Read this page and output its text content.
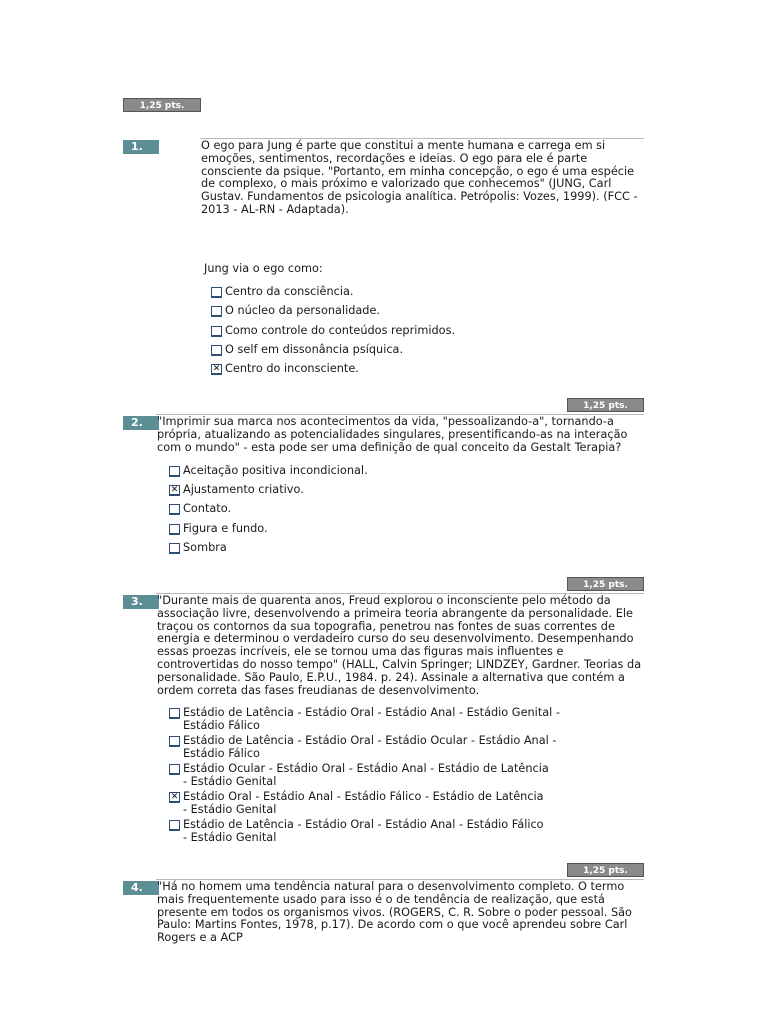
1,25 pts.
1,25 pts.
1,25 pts.
1,25 pts.
1.	O ego para Jung é parte que constitui a mente humana e carrega em si emoções, sentimentos, recordações e ideias. O ego para ele é parte consciente da psique. "Portanto, em minha concepção, o ego é uma espécie de complexo, o mais próximo e valorizado que conhecemos" (JUNG, Carl Gustav. Fundamentos de psicologia analítica. Petrópolis: Vozes, 1999). (FCC - 2013 - AL-RN - Adaptada).

Jung via o ego como:
Centro da consciência.
O núcleo da personalidade.
Como controle do conteúdos reprimidos.
O self em dissonância psíquica.
✕
Centro do inconsciente.
2.	"Imprimir sua marca nos acontecimentos da vida, "pessoalizando-a", tornando-a própria, atualizando as potencialidades singulares, presentificando-as na interação com o mundo" - esta pode ser uma definição de qual conceito da Gestalt Terapia?

Aceitação positiva incondicional.
✕
Ajustamento criativo.
Contato.
Figura e fundo.
Sombra
3.	"Durante mais de quarenta anos, Freud explorou o inconsciente pelo método da associação livre, desenvolvendo a primeira teoria abrangente da personalidade. Ele traçou os contornos da sua topografia, penetrou nas fontes de suas correntes de energia e determinou o verdadeiro curso do seu desenvolvimento. Desempenhando essas proezas incríveis, ele se tornou uma das figuras mais influentes e controvertidas do nosso tempo" (HALL, Calvin Springer; LINDZEY, Gardner. Teorias da personalidade. São Paulo, E.P.U., 1984. p. 24). Assinale a alternativa que contém a ordem correta das fases freudianas de desenvolvimento.

Estádio de Latência - Estádio Oral - Estádio Anal - Estádio Genital -
Estádio Fálico
Estádio de Latência - Estádio Oral - Estádio Ocular - Estádio Anal -
Estádio Fálico
Estádio Ocular - Estádio Oral - Estádio Anal - Estádio de Latência
- Estádio Genital
✕
Estádio Oral - Estádio Anal - Estádio Fálico - Estádio de Latência
- Estádio Genital
Estádio de Latência - Estádio Oral - Estádio Anal - Estádio Fálico
- Estádio Genital
4.	"Há no homem uma tendência natural para o desenvolvimento completo. O termo mais frequentemente usado para isso é o de tendência de realização, que está presente em todos os organismos vivos. (ROGERS, C. R. Sobre o poder pessoal. São Paulo: Martins Fontes, 1978, p.17). De acordo com o que você aprendeu sobre Carl Rogers e a ACP
